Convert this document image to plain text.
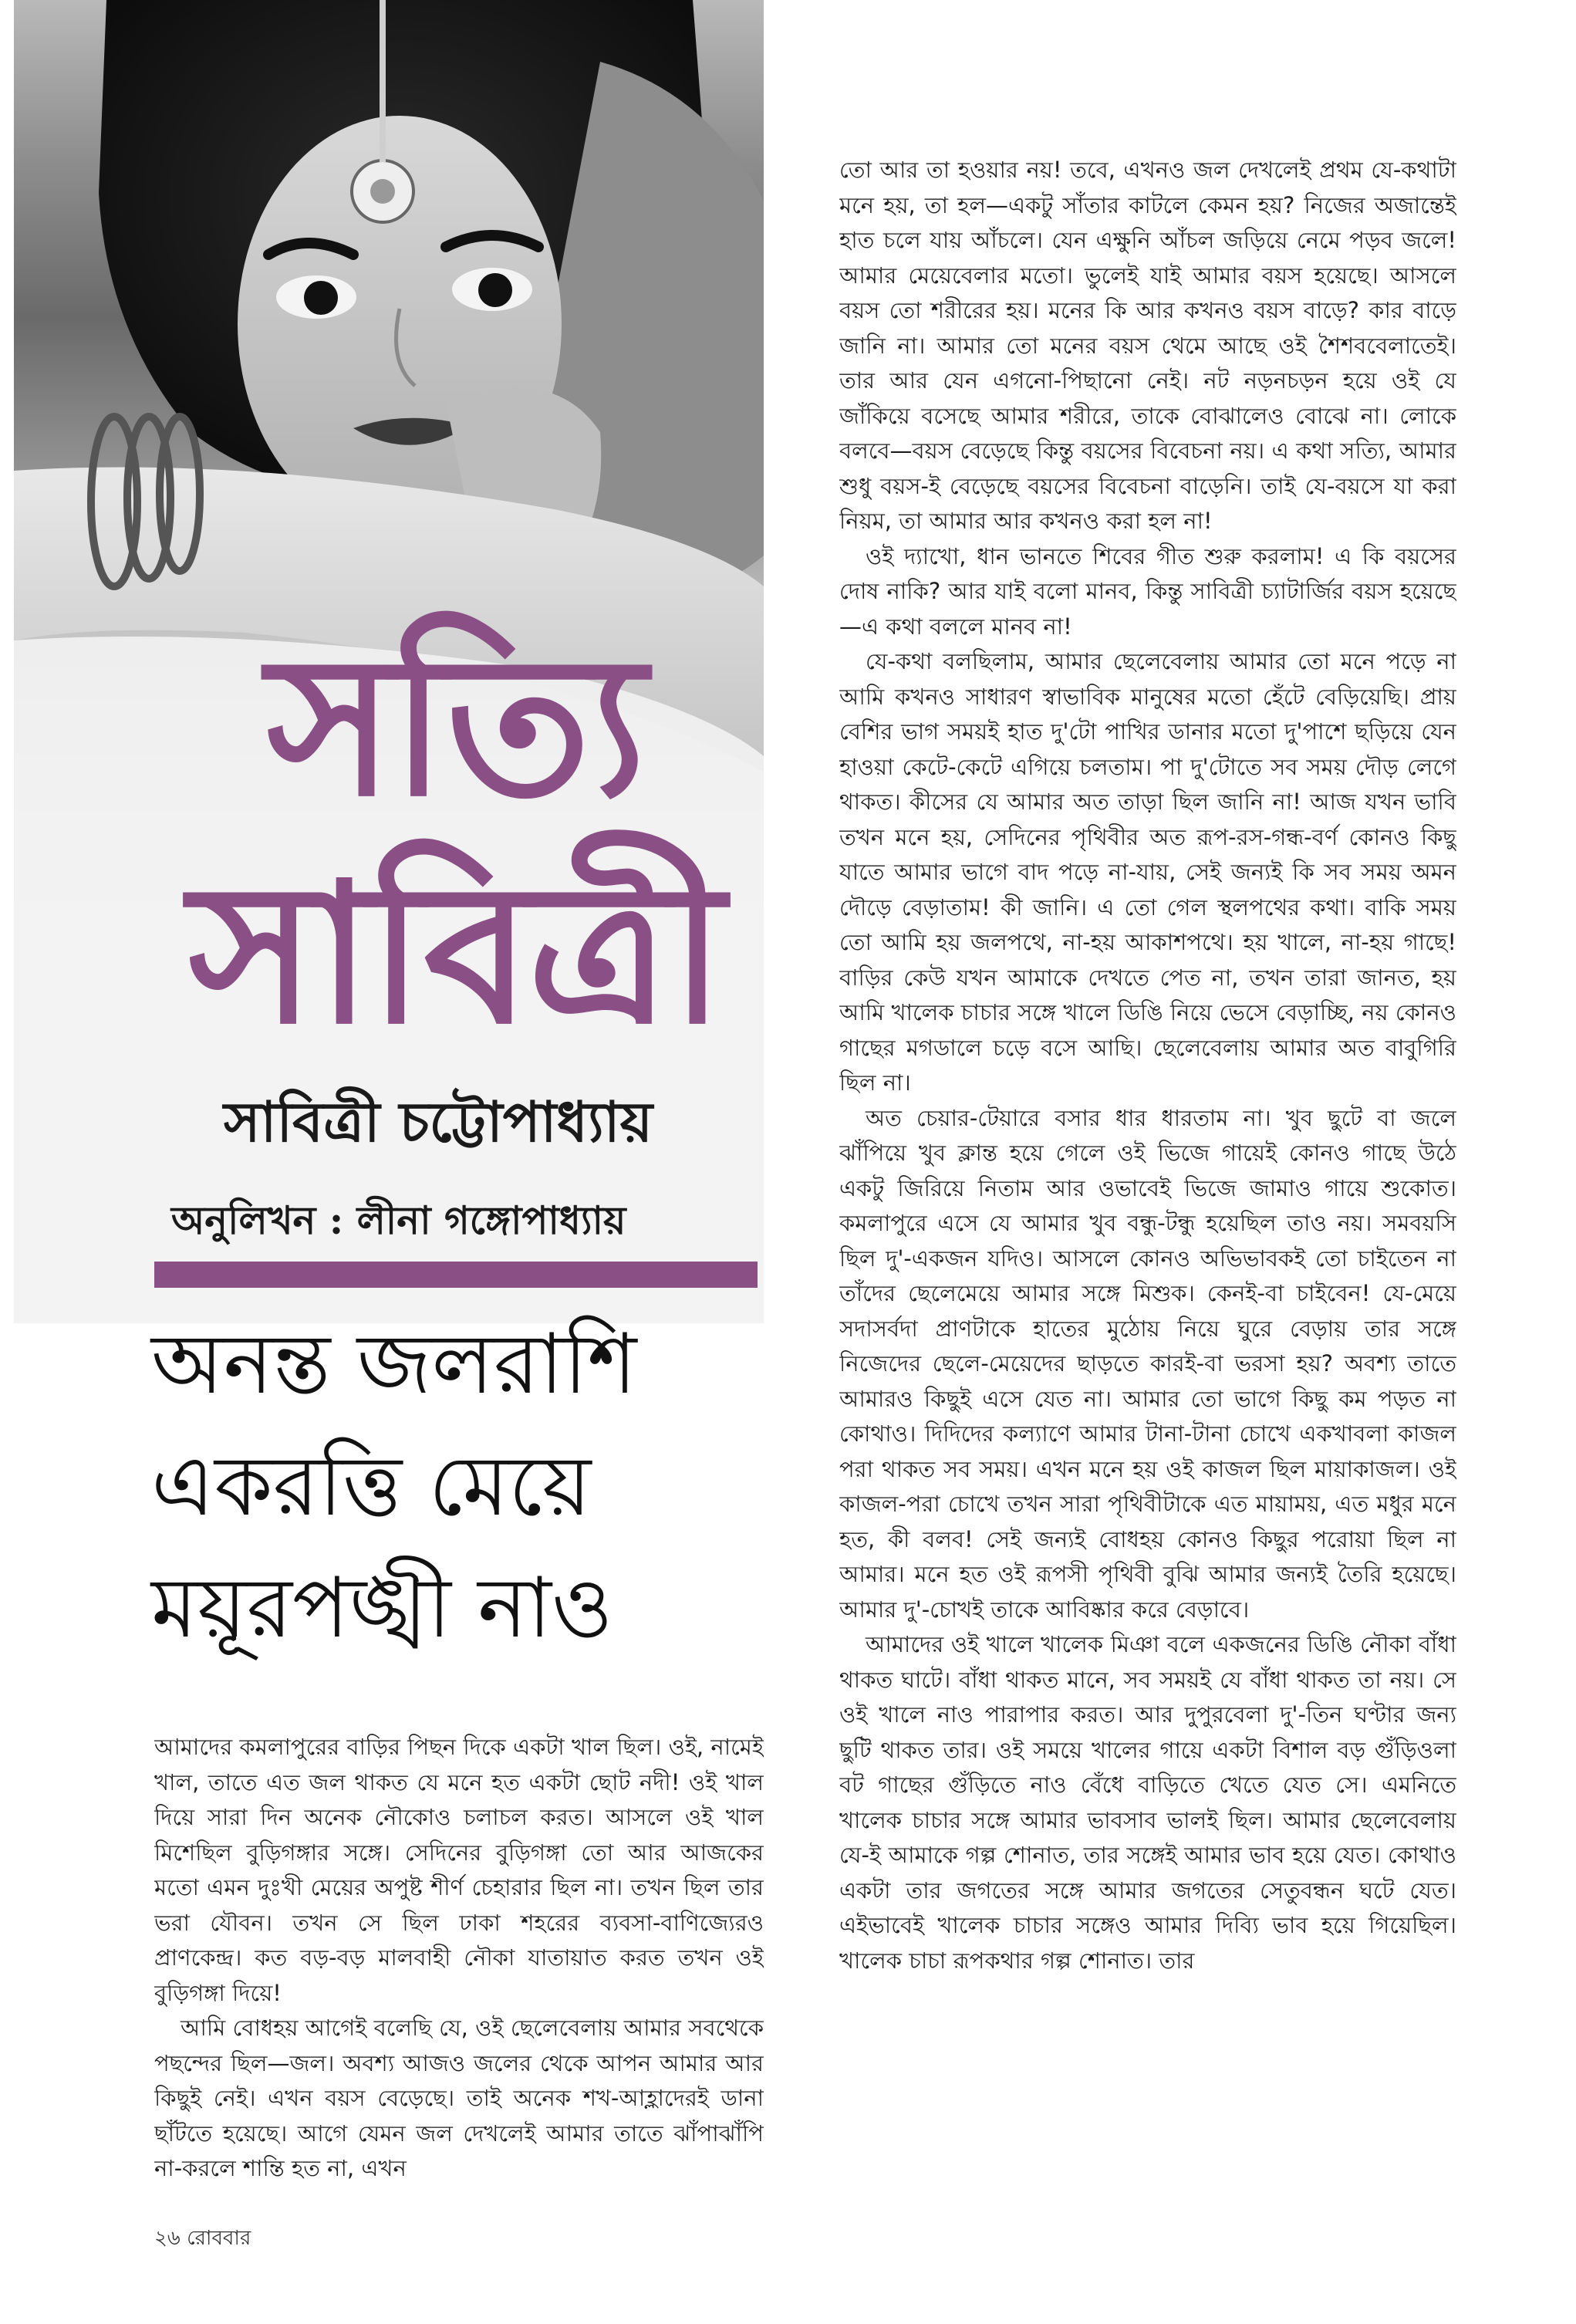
সত্যি
সাবিত্রী
সাবিত্রী চট্টোপাধ্যায়
অনুলিখন : লীনা গঙ্গোপাধ্যায়
অনন্ত জলরাশি
একরত্তি মেয়ে
ময়ূরপঙ্খী নাও

আমাদের কমলাপুরের বাড়ির পিছন দিকে একটা খাল ছিল। ওই, নামেই খাল, তাতে এত জল থাকত যে মনে হত একটা ছোট নদী! ওই খাল দিয়ে সারা দিন অনেক নৌকোও চলাচল করত। আসলে ওই খাল মিশেছিল বুড়িগঙ্গার সঙ্গে। সেদিনের বুড়িগঙ্গা তো আর আজকের মতো এমন দুঃখী মেয়ের অপুষ্ট শীর্ণ চেহারার ছিল না। তখন ছিল তার ভরা যৌবন। তখন সে ছিল ঢাকা শহরের ব্যবসা-বাণিজ্যেরও প্রাণকেন্দ্র। কত বড়-বড় মালবাহী নৌকা যাতায়াত করত তখন ওই বুড়িগঙ্গা দিয়ে!

আমি বোধহয় আগেই বলেছি যে, ওই ছেলেবেলায় আমার সবথেকে পছন্দের ছিল—জল। অবশ্য আজও জলের থেকে আপন আমার আর কিছুই নেই। এখন বয়স বেড়েছে। তাই অনেক শখ-আহ্লাদেরই ডানা ছাঁটতে হয়েছে। আগে যেমন জল দেখলেই আমার তাতে ঝাঁপাঝাঁপি না-করলে শান্তি হত না, এখন

তো আর তা হওয়ার নয়! তবে, এখনও জল দেখলেই প্রথম যে-কথাটা মনে হয়, তা হল—একটু সাঁতার কাটলে কেমন হয়? নিজের অজান্তেই হাত চলে যায় আঁচলে। যেন এক্ষুনি আঁচল জড়িয়ে নেমে পড়ব জলে! আমার মেয়েবেলার মতো। ভুলেই যাই আমার বয়স হয়েছে। আসলে বয়স তো শরীরের হয়। মনের কি আর কখনও বয়স বাড়ে? কার বাড়ে জানি না। আমার তো মনের বয়স থেমে আছে ওই শৈশববেলাতেই। তার আর যেন এগনো-পিছানো নেই। নট নড়নচড়ন হয়ে ওই যে জাঁকিয়ে বসেছে আমার শরীরে, তাকে বোঝালেও বোঝে না। লোকে বলবে—বয়স বেড়েছে কিন্তু বয়সের বিবেচনা নয়। এ কথা সত্যি, আমার শুধু বয়স-ই বেড়েছে বয়সের বিবেচনা বাড়েনি। তাই যে-বয়সে যা করা নিয়ম, তা আমার আর কখনও করা হল না!

ওই দ্যাখো, ধান ভানতে শিবের গীত শুরু করলাম! এ কি বয়সের দোষ নাকি? আর যাই বলো মানব, কিন্তু সাবিত্রী চ্যাটার্জির বয়স হয়েছে—এ কথা বললে মানব না!

যে-কথা বলছিলাম, আমার ছেলেবেলায় আমার তো মনে পড়ে না আমি কখনও সাধারণ স্বাভাবিক মানুষের মতো হেঁটে বেড়িয়েছি। প্রায় বেশির ভাগ সময়ই হাত দু'টো পাখির ডানার মতো দু'পাশে ছড়িয়ে যেন হাওয়া কেটে-কেটে এগিয়ে চলতাম। পা দু'টোতে সব সময় দৌড় লেগে থাকত। কীসের যে আমার অত তাড়া ছিল জানি না! আজ যখন ভাবি তখন মনে হয়, সেদিনের পৃথিবীর অত রূপ-রস-গন্ধ-বর্ণ কোনও কিছু যাতে আমার ভাগে বাদ পড়ে না-যায়, সেই জন্যই কি সব সময় অমন দৌড়ে বেড়াতাম! কী জানি। এ তো গেল স্থলপথের কথা। বাকি সময় তো আমি হয় জলপথে, না-হয় আকাশপথে। হয় খালে, না-হয় গাছে! বাড়ির কেউ যখন আমাকে দেখতে পেত না, তখন তারা জানত, হয় আমি খালেক চাচার সঙ্গে খালে ডিঙি নিয়ে ভেসে বেড়াচ্ছি, নয় কোনও গাছের মগডালে চড়ে বসে আছি। ছেলেবেলায় আমার অত বাবুগিরি ছিল না।

অত চেয়ার-টেয়ারে বসার ধার ধারতাম না। খুব ছুটে বা জলে ঝাঁপিয়ে খুব ক্লান্ত হয়ে গেলে ওই ভিজে গায়েই কোনও গাছে উঠে একটু জিরিয়ে নিতাম আর ওভাবেই ভিজে জামাও গায়ে শুকোত। কমলাপুরে এসে যে আমার খুব বন্ধু-টন্ধু হয়েছিল তাও নয়। সমবয়সি ছিল দু'-একজন যদিও। আসলে কোনও অভিভাবকই তো চাইতেন না তাঁদের ছেলেমেয়ে আমার সঙ্গে মিশুক। কেনই-বা চাইবেন! যে-মেয়ে সদাসর্বদা প্রাণটাকে হাতের মুঠোয় নিয়ে ঘুরে বেড়ায় তার সঙ্গে নিজেদের ছেলে-মেয়েদের ছাড়তে কারই-বা ভরসা হয়? অবশ্য তাতে আমারও কিছুই এসে যেত না। আমার তো ভাগে কিছু কম পড়ত না কোথাও। দিদিদের কল্যাণে আমার টানা-টানা চোখে একখাবলা কাজল পরা থাকত সব সময়। এখন মনে হয় ওই কাজল ছিল মায়াকাজল। ওই কাজল-পরা চোখে তখন সারা পৃথিবীটাকে এত মায়াময়, এত মধুর মনে হত, কী বলব! সেই জন্যই বোধহয় কোনও কিছুর পরোয়া ছিল না আমার। মনে হত ওই রূপসী পৃথিবী বুঝি আমার জন্যই তৈরি হয়েছে। আমার দু'-চোখই তাকে আবিষ্কার করে বেড়াবে।

আমাদের ওই খালে খালেক মিঞা বলে একজনের ডিঙি নৌকা বাঁধা থাকত ঘাটে। বাঁধা থাকত মানে, সব সময়ই যে বাঁধা থাকত তা নয়। সে ওই খালে নাও পারাপার করত। আর দুপুরবেলা দু'-তিন ঘণ্টার জন্য ছুটি থাকত তার। ওই সময়ে খালের গায়ে একটা বিশাল বড় গুঁড়িওলা বট গাছের গুঁড়িতে নাও বেঁধে বাড়িতে খেতে যেত সে। এমনিতে খালেক চাচার সঙ্গে আমার ভাবসাব ভালই ছিল। আমার ছেলেবেলায় যে-ই আমাকে গল্প শোনাত, তার সঙ্গেই আমার ভাব হয়ে যেত। কোথাও একটা তার জগতের সঙ্গে আমার জগতের সেতুবন্ধন ঘটে যেত। এইভাবেই খালেক চাচার সঙ্গেও আমার দিব্যি ভাব হয়ে গিয়েছিল। খালেক চাচা রূপকথার গল্প শোনাত। তার

২৬ রোববার
